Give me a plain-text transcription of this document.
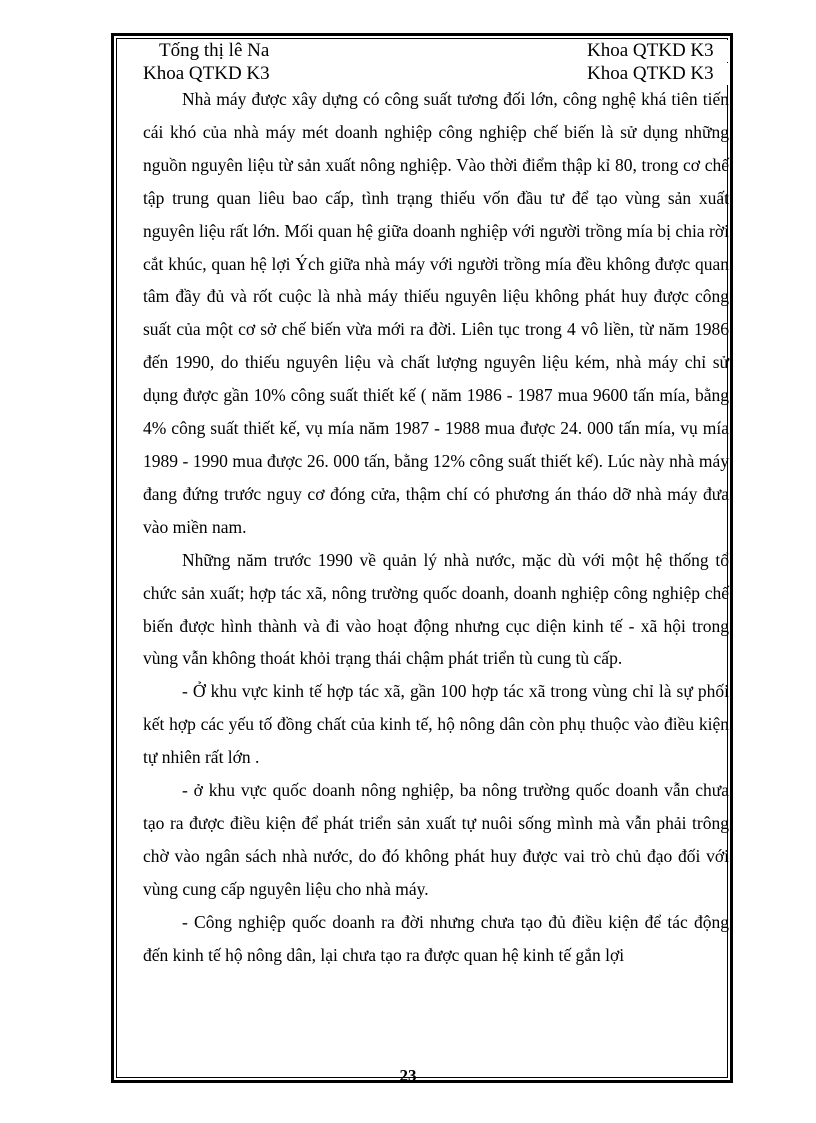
Tống thị lê Na	Khoa QTKD K3
Khoa QTKD K3	Khoa QTKD K3

Nhà máy được xây dựng có công suất tương đối lớn, công nghệ khá tiên tiến cái khó của nhà máy mét doanh nghiệp công nghiệp chế biến là sử dụng những nguồn nguyên liệu từ sản xuất nông nghiệp. Vào thời điểm thập kỉ 80, trong cơ chế tập trung quan liêu bao cấp, tình trạng thiếu vốn đầu tư để tạo vùng sản xuất nguyên liệu rất lớn. Mối quan hệ giữa doanh nghiệp với người trồng mía bị chia rời cắt khúc, quan hệ lợi Ých giữa nhà máy với người trồng mía đều không được quan tâm đầy đủ và rốt cuộc là nhà máy thiếu nguyên liệu không phát huy được công suất của một cơ sở chế biến vừa mới ra đời. Liên tục trong 4 vô liền, từ năm 1986 đến 1990, do thiếu nguyên liệu và chất lượng nguyên liệu kém, nhà máy chỉ sử dụng được gần 10% công suất thiết kế ( năm 1986 - 1987 mua 9600 tấn mía, bằng 4% công suất thiết kế, vụ mía năm 1987 - 1988 mua được 24. 000 tấn mía, vụ mía 1989 - 1990 mua được 26. 000 tấn, bằng 12% công suất thiết kế). Lúc này nhà máy đang đứng trước nguy cơ đóng cửa, thậm chí có phương án tháo dỡ nhà máy đưa vào miền nam.

Những năm trước 1990 về quản lý nhà nước, mặc dù với một hệ thống tổ chức sản xuất; hợp tác xã, nông trường quốc doanh, doanh nghiệp công nghiệp chế biến được hình thành và đi vào hoạt động nhưng cục diện kinh tế - xã hội trong vùng vẫn không thoát khỏi trạng thái chậm phát triển tù cung tù cấp.

- Ở khu vực kinh tế hợp tác xã, gần 100 hợp tác xã trong vùng chỉ là sự phối kết hợp các yếu tố đồng chất của kinh tế, hộ nông dân còn phụ thuộc vào điều kiện tự nhiên rất lớn .

- ở khu vực quốc doanh nông nghiệp, ba nông trường quốc doanh vẫn chưa tạo ra được điều kiện để phát triển sản xuất tự nuôi sống mình mà vẫn phải trông chờ vào ngân sách nhà nước, do đó không phát huy được vai trò chủ đạo đối với vùng cung cấp nguyên liệu cho nhà máy.

- Công nghiệp quốc doanh ra đời nhưng chưa tạo đủ điều kiện để tác động đến kinh tế hộ nông dân, lại chưa tạo ra được quan hệ kinh tế gắn lợi

23
